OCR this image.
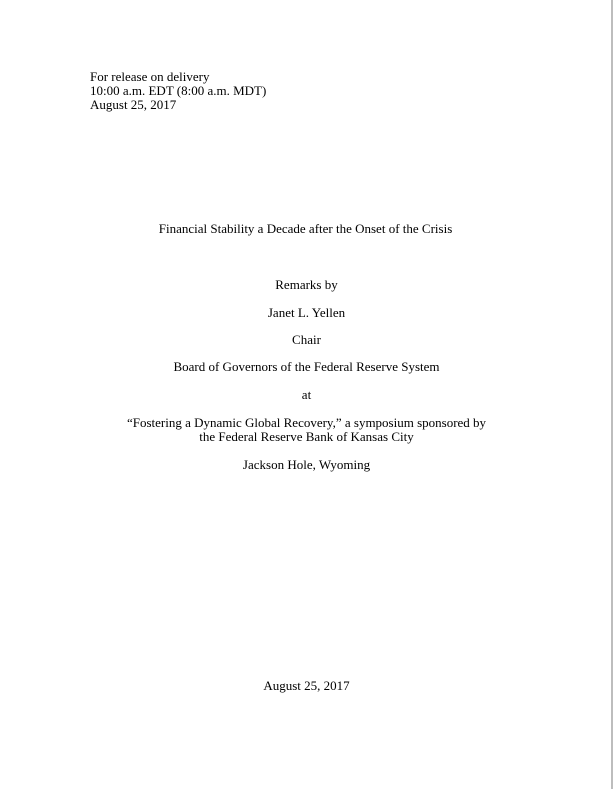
For release on delivery
10:00 a.m. EDT (8:00 a.m. MDT)
August 25, 2017
Financial Stability a Decade after the Onset of the Crisis
Remarks by
Janet L. Yellen
Chair
Board of Governors of the Federal Reserve System
at
“Fostering a Dynamic Global Recovery,” a symposium sponsored by
the Federal Reserve Bank of Kansas City
Jackson Hole, Wyoming
August 25, 2017
